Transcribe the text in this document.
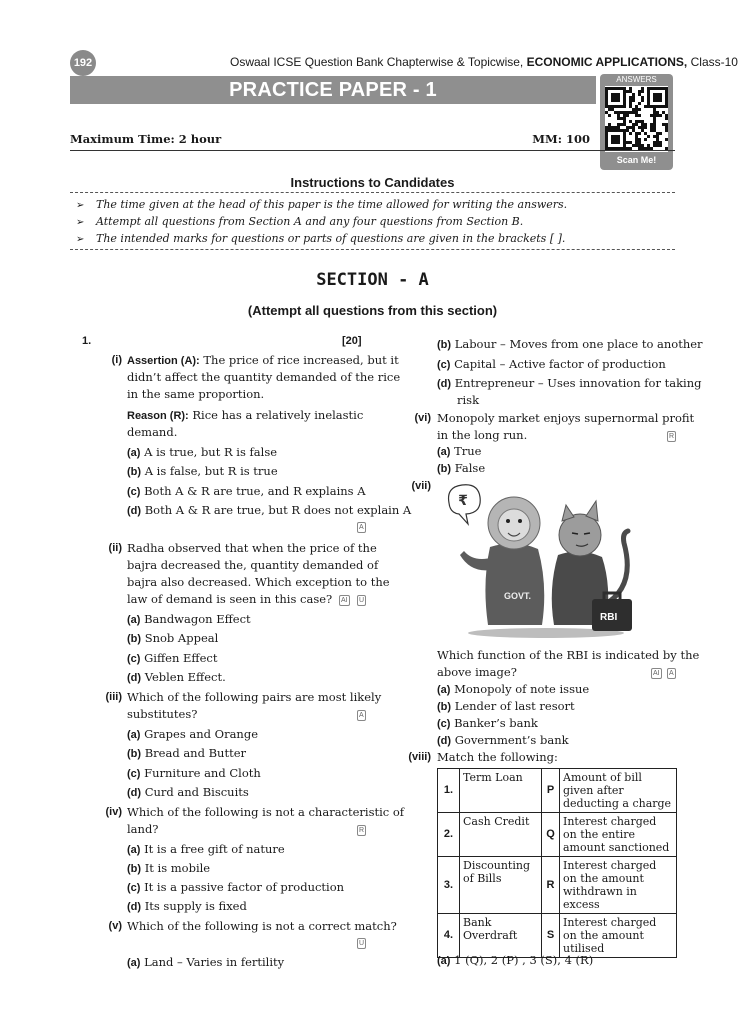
192	Oswaal ICSE Question Bank Chapterwise & Topicwise, ECONOMIC APPLICATIONS, Class-10
PRACTICE PAPER - 1	ANSWERS
Scan Me!
Maximum Time: 2 hour	MM: 100
Instructions to Candidates
➢ The time given at the head of this paper is the time allowed for writing the answers.
➢ Attempt all questions from Section A and any four questions from Section B.
➢ The intended marks for questions or parts of questions are given in the brackets [ ].
SECTION - A
(Attempt all questions from this section)
1.	[20]
(i) Assertion (A): The price of rice increased, but it
didn’t affect the quantity demanded of the rice
in the same proportion.
Reason (R): Rice has a relatively inelastic
demand.
(a) A is true, but R is false
(b) A is false, but R is true
(c) Both A & R are true, and R explains A
(d) Both A & R are true, but R does not explain A
A
(ii) Radha observed that when the price of the
bajra decreased the, quantity demanded of
bajra also decreased. Which exception to the
law of demand is seen in this case? AI U
(a) Bandwagon Effect
(b) Snob Appeal
(c) Giffen Effect
(d) Veblen Effect.
(iii) Which of the following pairs are most likely
substitutes?	A
(a) Grapes and Orange
(b) Bread and Butter
(c) Furniture and Cloth
(d) Curd and Biscuits
(iv) Which of the following is not a characteristic of
land?	R
(a) It is a free gift of nature
(b) It is mobile
(c) It is a passive factor of production
(d) Its supply is fixed
(v) Which of the following is not a correct match?
U
(a) Land – Varies in fertility
(b) Labour – Moves from one place to another
(c) Capital – Active factor of production
(d) Entrepreneur – Uses innovation for taking
risk
(vi) Monopoly market enjoys supernormal profit
in the long run.	R
(a) True
(b) False
(vii)
₹
GOVT.
RBI
Which function of the RBI is indicated by the
above image?	AI A
(a) Monopoly of note issue
(b) Lender of last resort
(c) Banker’s bank
(d) Government’s bank
(viii) Match the following:
1.	Term Loan	P	Amount of bill given after deducting a charge
2.	Cash Credit	Q	Interest charged on the entire amount sanctioned
3.	Discounting of Bills	R	Interest charged on the amount withdrawn in excess
4.	Bank Overdraft	S	Interest charged on the amount utilised
(a) 1 (Q), 2 (P) , 3 (S), 4 (R)
